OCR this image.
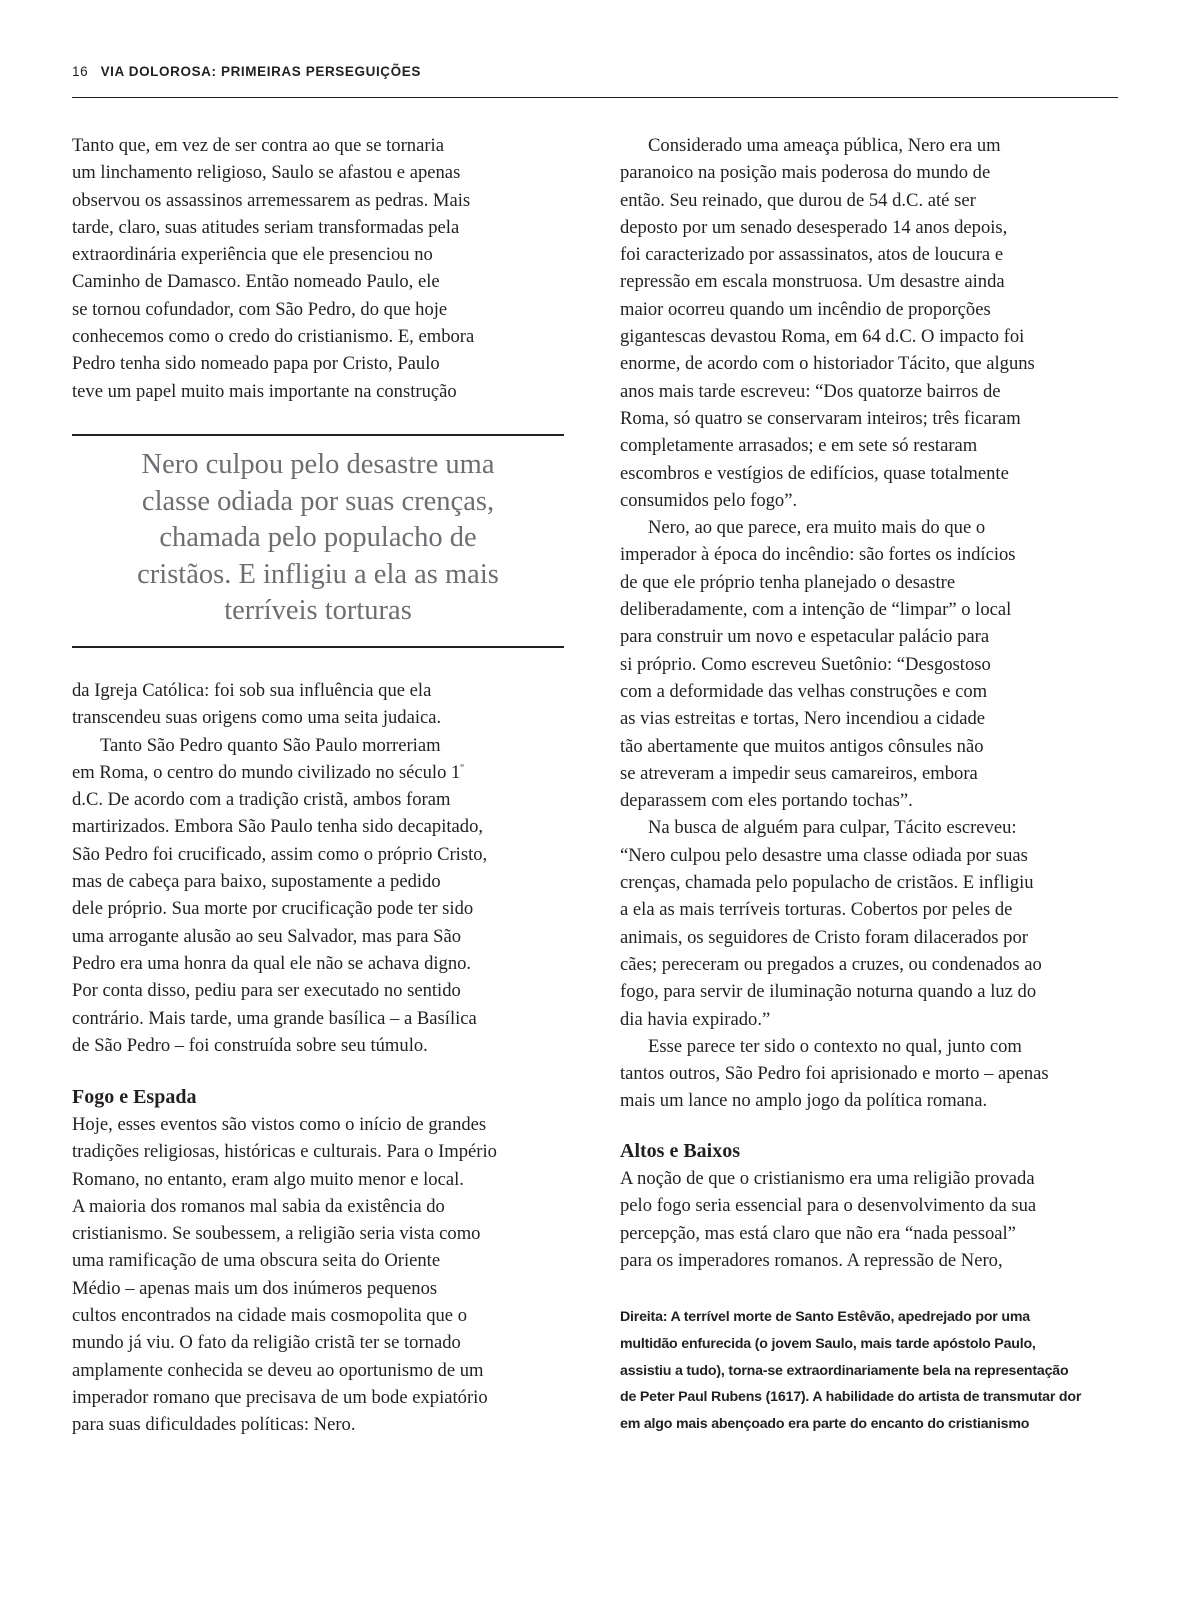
16 VIA DOLOROSA: PRIMEIRAS PERSEGUIÇÕES
Tanto que, em vez de ser contra ao que se tornaria
um linchamento religioso, Saulo se afastou e apenas
observou os assassinos arremessarem as pedras. Mais
tarde, claro, suas atitudes seriam transformadas pela
extraordinária experiência que ele presenciou no
Caminho de Damasco. Então nomeado Paulo, ele
se tornou cofundador, com São Pedro, do que hoje
conhecemos como o credo do cristianismo. E, embora
Pedro tenha sido nomeado papa por Cristo, Paulo
teve um papel muito mais importante na construção
Nero culpou pelo desastre uma
classe odiada por suas crenças,
chamada pelo populacho de
cristãos. E infligiu a ela as mais
terríveis torturas
da Igreja Católica: foi sob sua influência que ela
transcendeu suas origens como uma seita judaica.
Tanto São Pedro quanto São Paulo morreriam
em Roma, o centro do mundo civilizado no século $1^º$
d.C. De acordo com a tradição cristã, ambos foram
martirizados. Embora São Paulo tenha sido decapitado,
São Pedro foi crucificado, assim como o próprio Cristo,
mas de cabeça para baixo, supostamente a pedido
dele próprio. Sua morte por crucificação pode ter sido
uma arrogante alusão ao seu Salvador, mas para São
Pedro era uma honra da qual ele não se achava digno.
Por conta disso, pediu para ser executado no sentido
contrário. Mais tarde, uma grande basílica – a Basílica
de São Pedro – foi construída sobre seu túmulo.
Fogo e Espada
Hoje, esses eventos são vistos como o início de grandes
tradições religiosas, históricas e culturais. Para o Império
Romano, no entanto, eram algo muito menor e local.
A maioria dos romanos mal sabia da existência do
cristianismo. Se soubessem, a religião seria vista como
uma ramificação de uma obscura seita do Oriente
Médio – apenas mais um dos inúmeros pequenos
cultos encontrados na cidade mais cosmopolita que o
mundo já viu. O fato da religião cristã ter se tornado
amplamente conhecida se deveu ao oportunismo de um
imperador romano que precisava de um bode expiatório
para suas dificuldades políticas: Nero.
Considerado uma ameaça pública, Nero era um
paranoico na posição mais poderosa do mundo de
então. Seu reinado, que durou de 54 d.C. até ser
deposto por um senado desesperado 14 anos depois,
foi caracterizado por assassinatos, atos de loucura e
repressão em escala monstruosa. Um desastre ainda
maior ocorreu quando um incêndio de proporções
gigantescas devastou Roma, em 64 d.C. O impacto foi
enorme, de acordo com o historiador Tácito, que alguns
anos mais tarde escreveu: “Dos quatorze bairros de
Roma, só quatro se conservaram inteiros; três ficaram
completamente arrasados; e em sete só restaram
escombros e vestígios de edifícios, quase totalmente
consumidos pelo fogo”.
Nero, ao que parece, era muito mais do que o
imperador à época do incêndio: são fortes os indícios
de que ele próprio tenha planejado o desastre
deliberadamente, com a intenção de “limpar” o local
para construir um novo e espetacular palácio para
si próprio. Como escreveu Suetônio: “Desgostoso
com a deformidade das velhas construções e com
as vias estreitas e tortas, Nero incendiou a cidade
tão abertamente que muitos antigos cônsules não
se atreveram a impedir seus camareiros, embora
deparassem com eles portando tochas”.
Na busca de alguém para culpar, Tácito escreveu:
“Nero culpou pelo desastre uma classe odiada por suas
crenças, chamada pelo populacho de cristãos. E infligiu
a ela as mais terríveis torturas. Cobertos por peles de
animais, os seguidores de Cristo foram dilacerados por
cães; pereceram ou pregados a cruzes, ou condenados ao
fogo, para servir de iluminação noturna quando a luz do
dia havia expirado.”
Esse parece ter sido o contexto no qual, junto com
tantos outros, São Pedro foi aprisionado e morto – apenas
mais um lance no amplo jogo da política romana.
Altos e Baixos
A noção de que o cristianismo era uma religião provada
pelo fogo seria essencial para o desenvolvimento da sua
percepção, mas está claro que não era “nada pessoal”
para os imperadores romanos. A repressão de Nero,
Direita: A terrível morte de Santo Estêvão, apedrejado por uma
multidão enfurecida (o jovem Saulo, mais tarde apóstolo Paulo,
assistiu a tudo), torna-se extraordinariamente bela na representação
de Peter Paul Rubens (1617). A habilidade do artista de transmutar dor
em algo mais abençoado era parte do encanto do cristianismo
